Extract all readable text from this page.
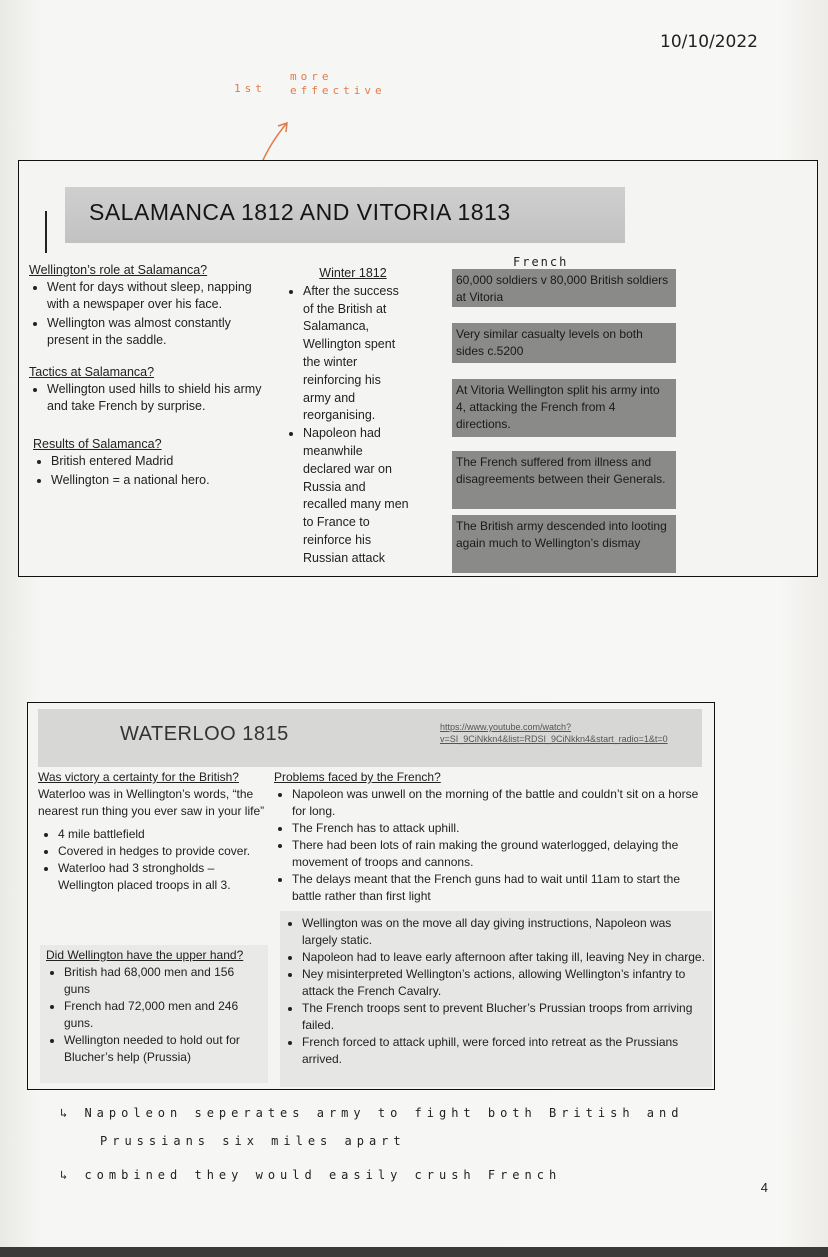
10/10/2022
1st
more effective
SALAMANCA 1812 AND VITORIA 1813
Wellington’s role at Salamanca?
• Went for days without sleep, napping with a newspaper over his face.
• Wellington was almost constantly present in the saddle.
Tactics at Salamanca?
• Wellington used hills to shield his army and take French by surprise.
Results of Salamanca?
• British entered Madrid
• Wellington = a national hero.
Winter 1812
• After the success of the British at Salamanca, Wellington spent the winter reinforcing his army and reorganising.
• Napoleon had meanwhile declared war on Russia and recalled many men to France to reinforce his Russian attack
French
60,000 soldiers v 80,000 British soldiers at Vitoria
Very similar casualty levels on both sides c.5200
At Vitoria Wellington split his army into 4, attacking the French from 4 directions.
The French suffered from illness and disagreements between their Generals.
The British army descended into looting again much to Wellington’s dismay
WATERLOO 1815	https://www.youtube.com/watch?v=SI_9CiNkkn4&list=RDSI_9CiNkkn4&start_radio=1&t=0
Was victory a certainty for the British?
Waterloo was in Wellington’s words, “the nearest run thing you ever saw in your life”
• 4 mile battlefield
• Covered in hedges to provide cover.
• Waterloo had 3 strongholds – Wellington placed troops in all 3.
Did Wellington have the upper hand?
• British had 68,000 men and 156 guns
• French had 72,000 men and 246 guns.
• Wellington needed to hold out for Blucher’s help (Prussia)
Problems faced by the French?
• Napoleon was unwell on the morning of the battle and couldn’t sit on a horse for long.
• The French has to attack uphill.
• There had been lots of rain making the ground waterlogged, delaying the movement of troops and cannons.
• The delays meant that the French guns had to wait until 11am to start the battle rather than first light
• Wellington was on the move all day giving instructions, Napoleon was largely static.
• Napoleon had to leave early afternoon after taking ill, leaving Ney in charge.
• Ney misinterpreted Wellington’s actions, allowing Wellington’s infantry to attack the French Cavalry.
• The French troops sent to prevent Blucher’s Prussian troops from arriving failed.
• French forced to attack uphill, were forced into retreat as the Prussians arrived.
↳ Napoleon seperates army to fight both British and
Prussians six miles apart
↳ combined they would easily crush French
4
